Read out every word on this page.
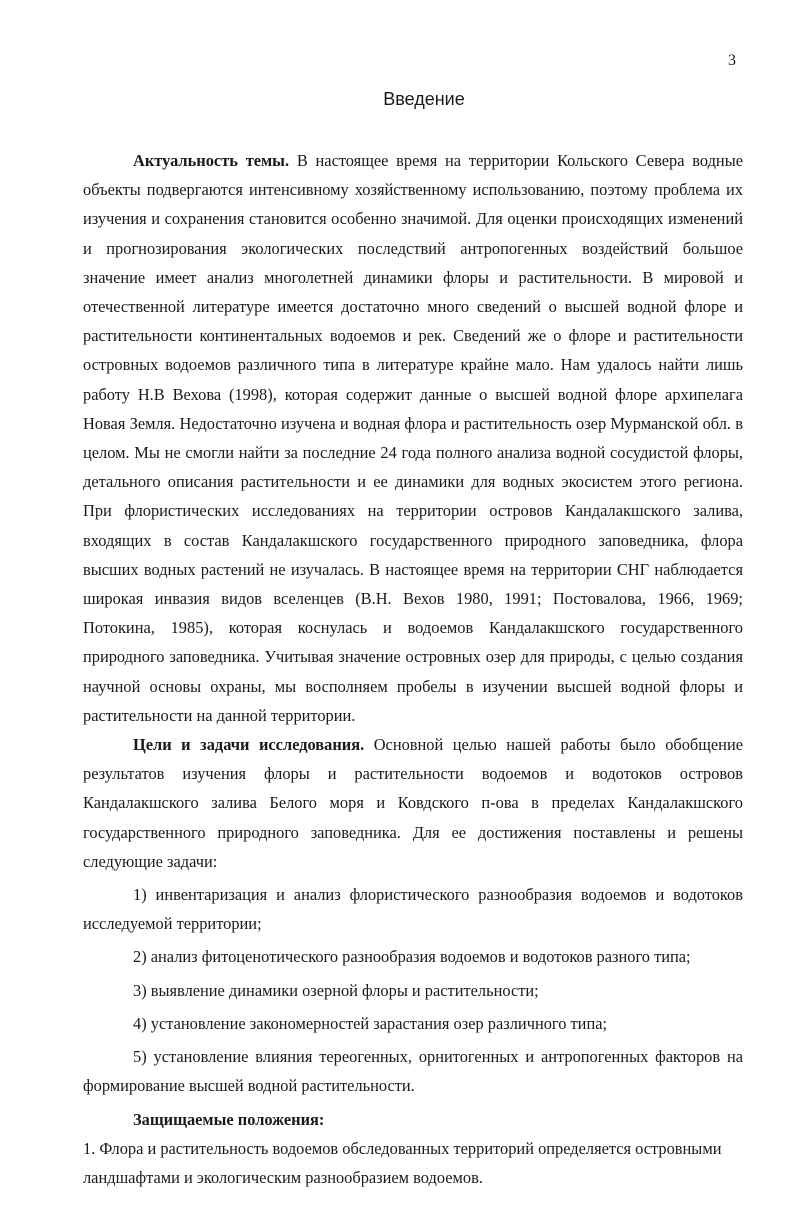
3
Введение

Актуальность темы. В настоящее время на территории Кольского Севера водные объекты подвергаются интенсивному хозяйственному использованию, поэтому проблема их изучения и сохранения становится особенно значимой. Для оценки происходящих изменений и прогнозирования экологических последствий антропогенных воздействий большое значение имеет анализ многолетней динамики флоры и растительности. В мировой и отечественной литературе имеется достаточно много сведений о высшей водной флоре и растительности континентальных водоемов и рек. Сведений же о флоре и растительности островных водоемов различного типа в литературе крайне мало. Нам удалось найти лишь работу Н.В Вехова (1998), которая содержит данные о высшей водной флоре архипелага Новая Земля. Недостаточно изучена и водная флора и растительность озер Мурманской обл. в целом. Мы не смогли найти за последние 24 года полного анализа водной сосудистой флоры, детального описания растительности и ее динамики для водных экосистем этого региона. При флористических исследованиях на территории островов Кандалакшского залива, входящих в состав Кандалакшского государственного природного заповедника, флора высших водных растений не изучалась. В настоящее время на территории СНГ наблюдается широкая инвазия видов вселенцев (В.Н. Вехов 1980, 1991; Постовалова, 1966, 1969; Потокина, 1985), которая коснулась и водоемов Кандалакшского государственного природного заповедника. Учитывая значение островных озер для природы, с целью создания научной основы охраны, мы восполняем пробелы в изучении высшей водной флоры и растительности на данной территории.

Цели и задачи исследования. Основной целью нашей работы было обобщение результатов изучения флоры и растительности водоемов и водотоков островов Кандалакшского залива Белого моря и Ковдского п-ова в пределах Кандалакшского государственного природного заповедника. Для ее достижения поставлены и решены следующие задачи:

1) инвентаризация и анализ флористического разнообразия водоемов и водотоков исследуемой территории;

2) анализ фитоценотического разнообразия водоемов и водотоков разного типа;

3) выявление динамики озерной флоры и растительности;

4) установление закономерностей зарастания озер различного типа;

5) установление влияния тереогенных, орнитогенных и антропогенных факторов на формирование высшей водной растительности.

Защищаемые положения:

1. Флора и растительность водоемов обследованных территорий определяется островными

ландшафтами и экологическим разнообразием водоемов.
